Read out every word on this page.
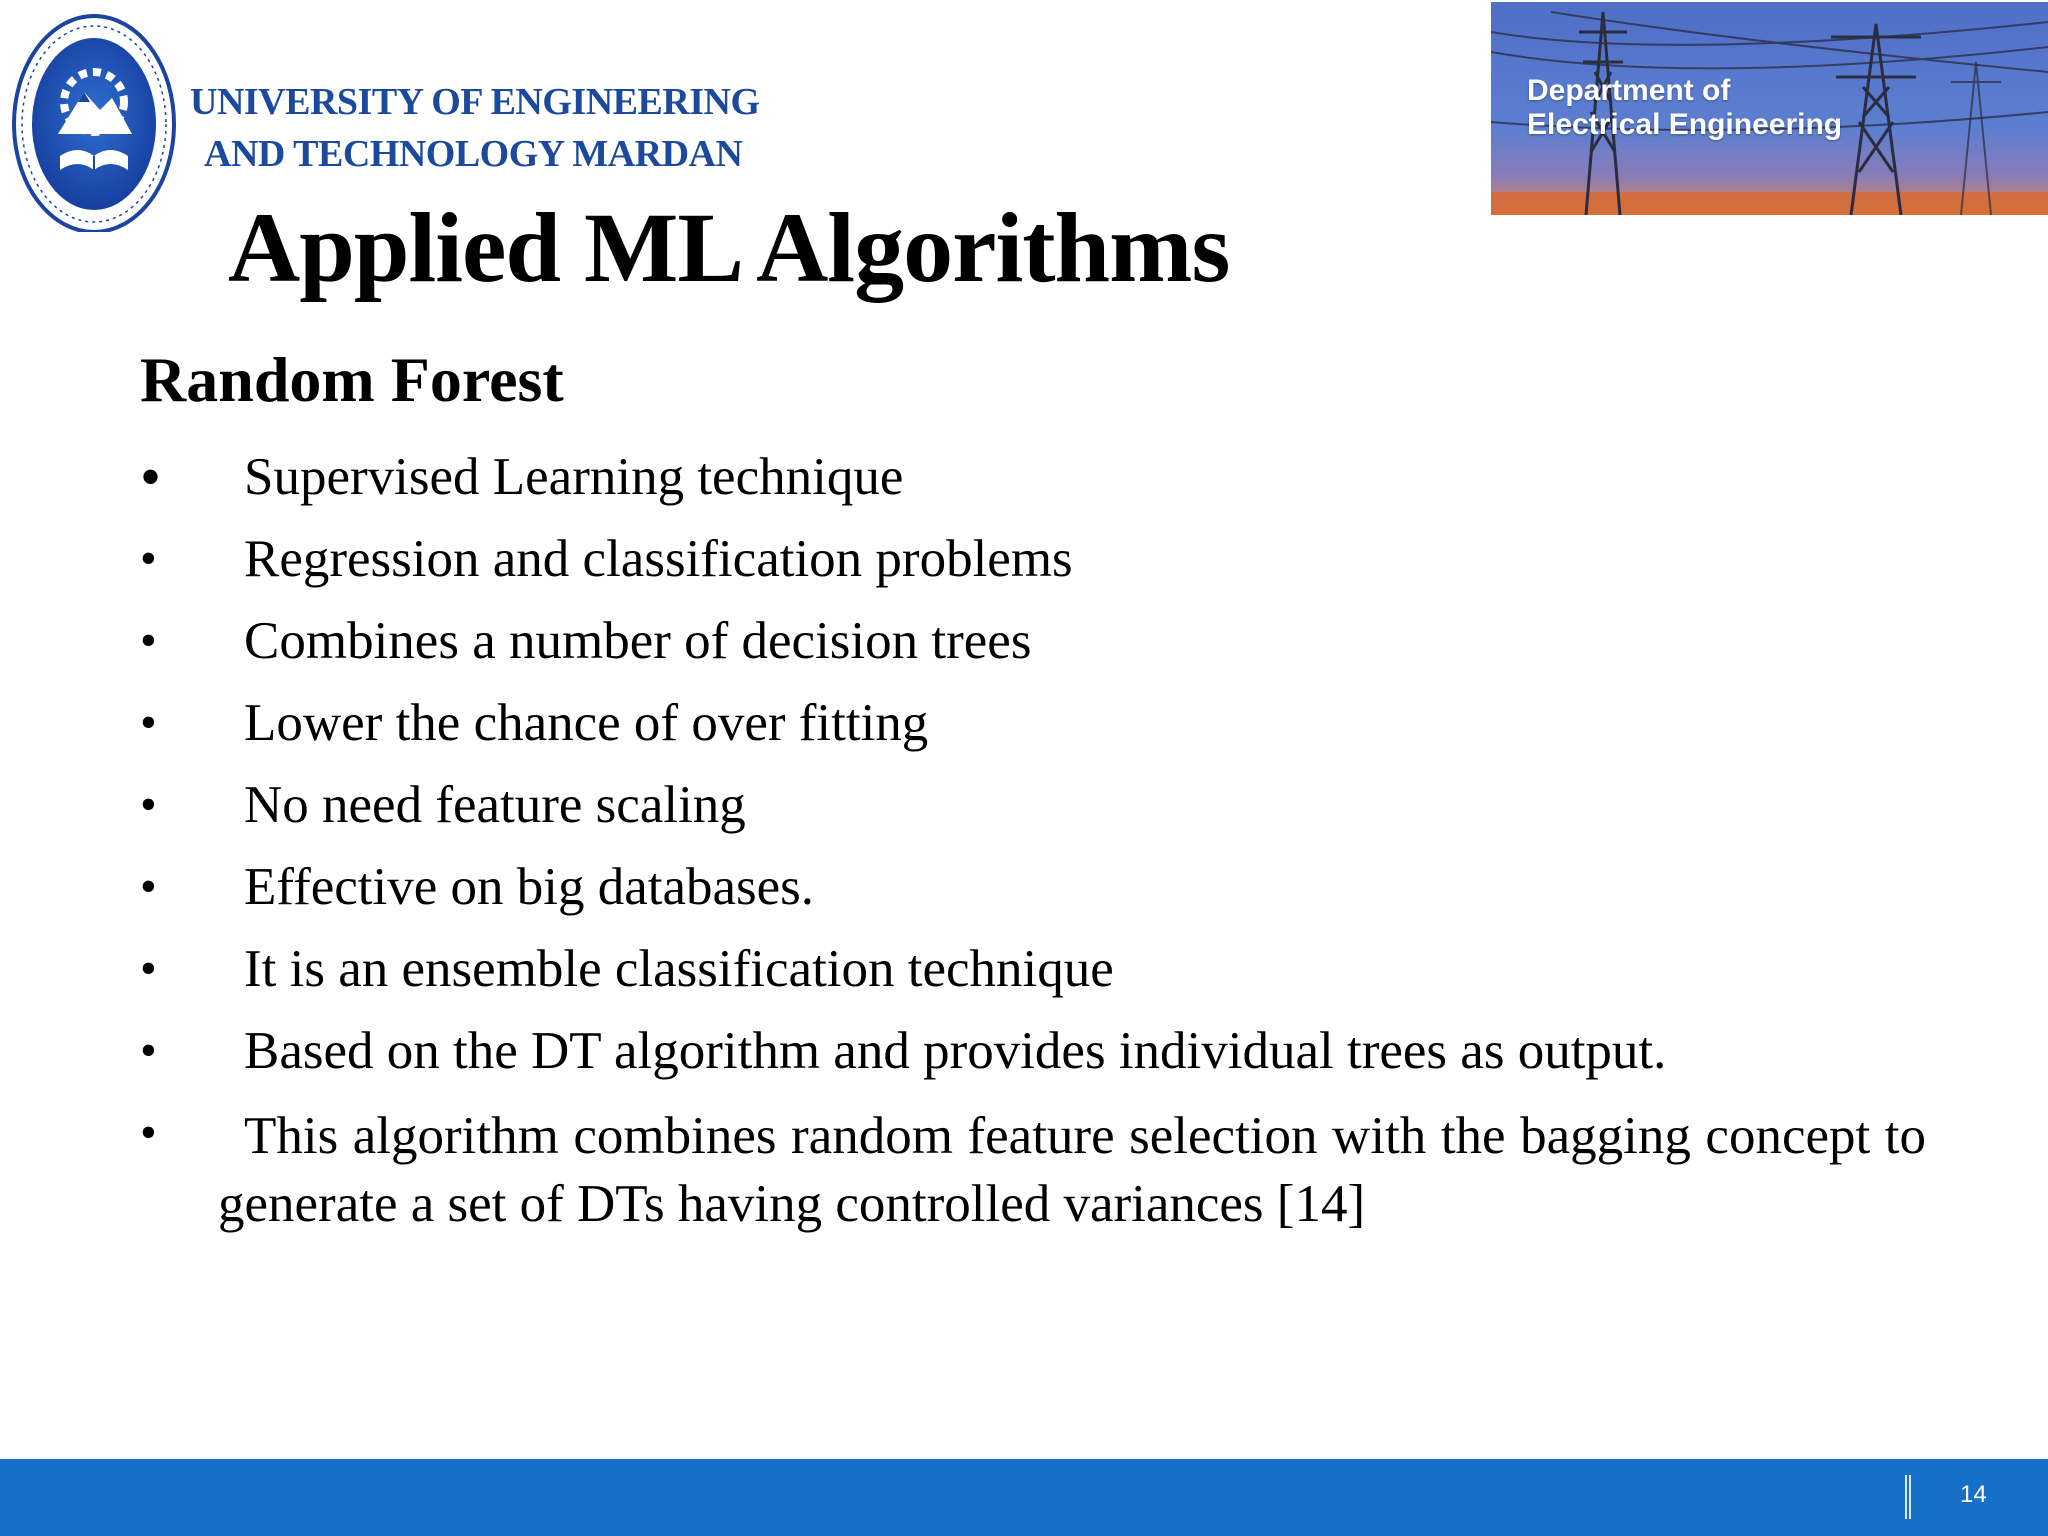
UNIVERSITY OF ENGINEERING
AND TECHNOLOGY MARDAN
Department of
Electrical Engineering
Applied ML Algorithms
Random Forest
•	Supervised Learning technique
•	Regression and classification problems
•	Combines a number of decision trees
•	Lower the chance of over fitting
•	No need feature scaling
•	Effective on big databases.
•	It is an ensemble classification technique
•	Based on the DT algorithm and provides individual trees as output.
•	This algorithm combines random feature selection with the bagging concept to generate a set of DTs having controlled variances [14]
14
